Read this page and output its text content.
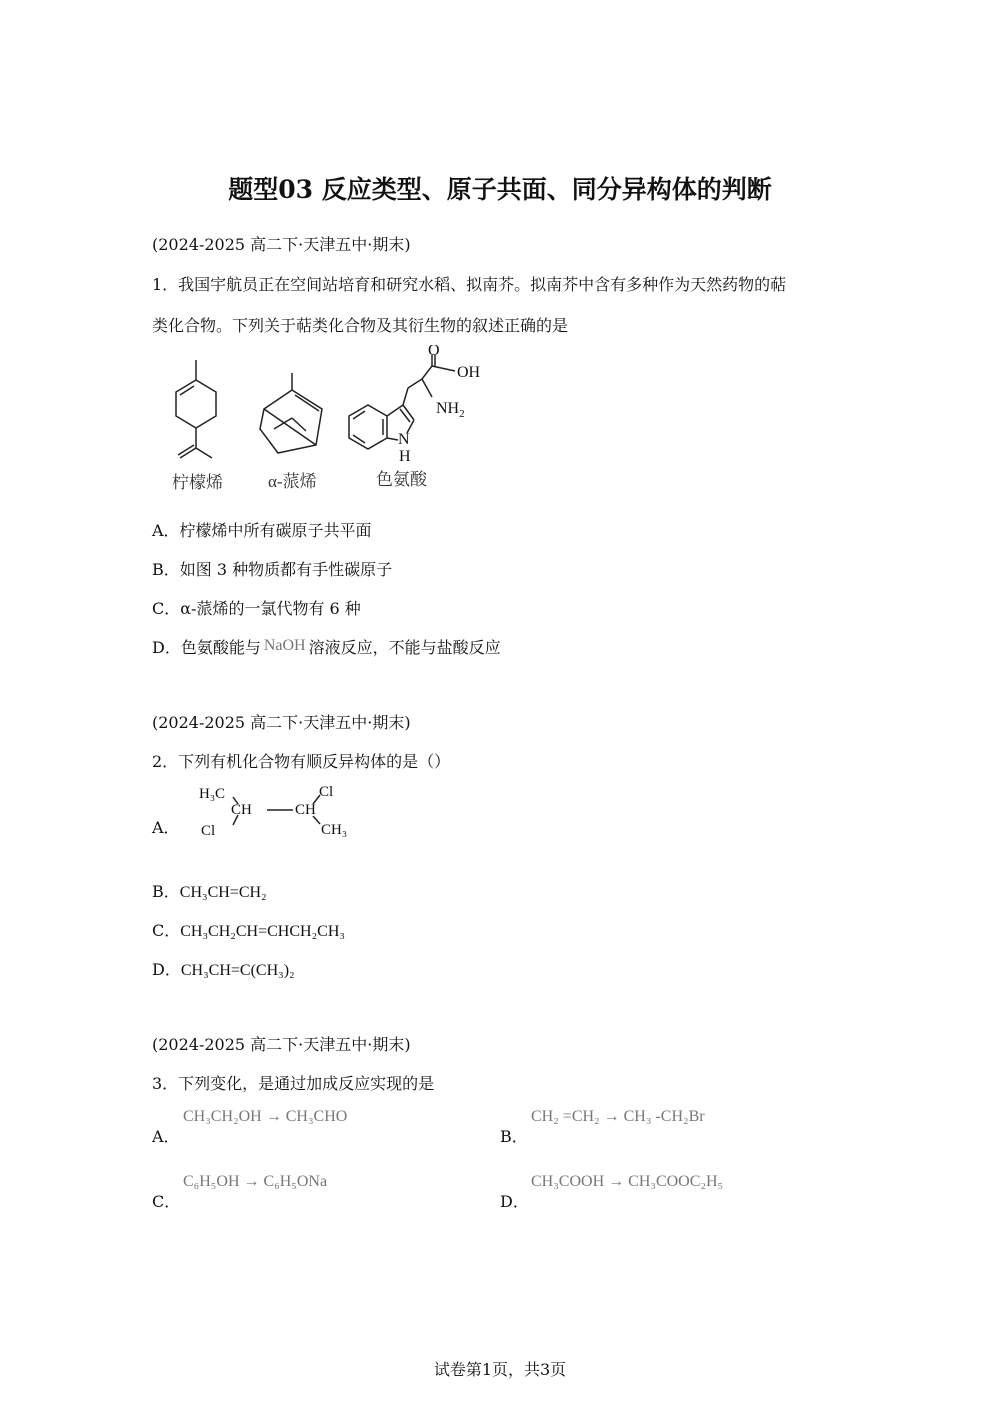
题型03 反应类型、原子共面、同分异构体的判断
(2024-2025 高二下·天津五中·期末)
1．我国宇航员正在空间站培育和研究水稻、拟南芥。拟南芥中含有多种作为天然药物的萜
类化合物。下列关于萜类化合物及其衍生物的叙述正确的是
O
OH
$NH_2$
N
H
柠檬烯	α-蒎烯	色氨酸
A．柠檬烯中所有碳原子共平面
B．如图 3 种物质都有手性碳原子
C．α-蒎烯的一氯代物有 6 种
D．色氨酸能与 NaOH 溶液反应，不能与盐酸反应
(2024-2025 高二下·天津五中·期末)
2．下列有机化合物有顺反异构体的是（）
A．
H₃C
CH
Cl
CH
Cl
CH₃
B．CH₃CH=CH₂
C．CH₃CH₂CH=CHCH₂CH₃
D．CH₃CH=C(CH₃)₂
(2024-2025 高二下·天津五中·期末)
3．下列变化，是通过加成反应实现的是
A．
CH₃CH₂OH → CH₃CHO
B．
CH₂ =CH₂ → CH₃ -CH₂Br
C．
C₆H₅OH → C₆H₅ONa
D．
CH₃COOH → CH₃COOC₂H₅
试卷第1页，共3页
